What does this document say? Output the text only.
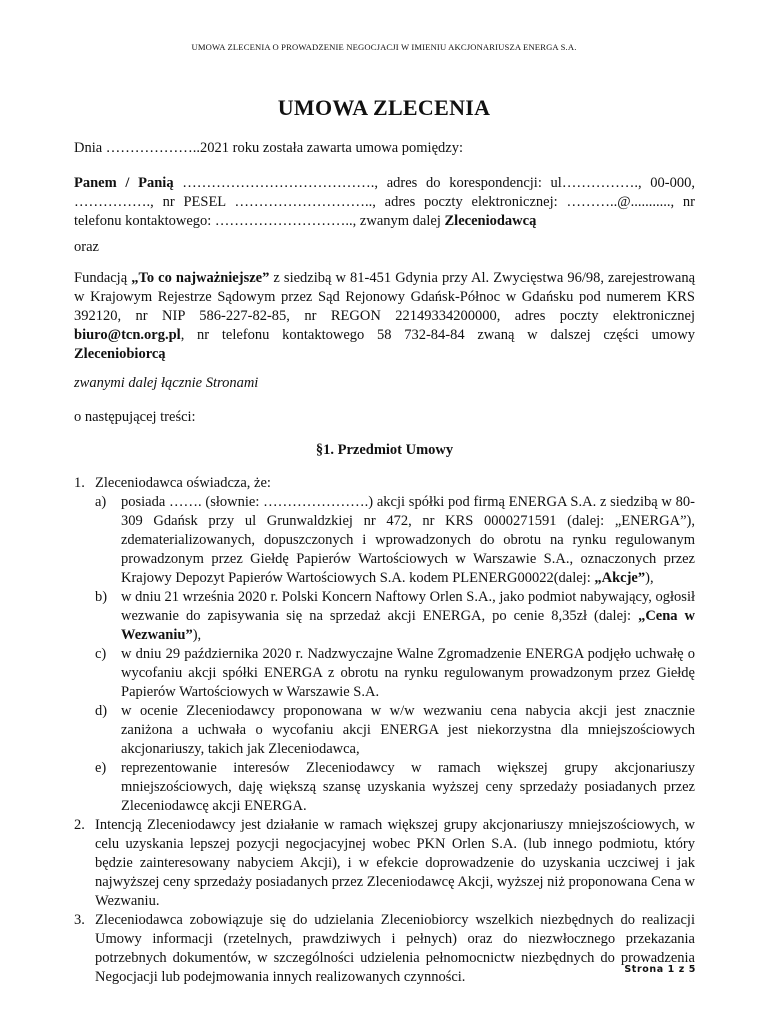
UMOWA ZLECENIA O PROWADZENIE NEGOCJACJI W IMIENIU AKCJONARIUSZA ENERGA S.A.
UMOWA ZLECENIA

Dnia ………………..2021 roku została zawarta umowa pomiędzy:

Panem / Panią …………………………………., adres do korespondencji: ul……………., 00-000, ……………., nr PESEL ……………………….., adres poczty elektronicznej: ………..@..........., nr telefonu kontaktowego: ……………………….., zwanym dalej Zleceniodawcą

oraz

Fundacją „To co najważniejsze” z siedzibą w 81-451 Gdynia przy Al. Zwycięstwa 96/98, zarejestrowaną w Krajowym Rejestrze Sądowym przez Sąd Rejonowy Gdańsk-Północ w Gdańsku pod numerem KRS 392120, nr NIP 586-227-82-85, nr REGON 22149334200000, adres poczty elektronicznej biuro@tcn.org.pl, nr telefonu kontaktowego 58 732-84-84 zwaną w dalszej części umowy Zleceniobiorcą

zwanymi dalej łącznie Stronami

o następującej treści:

§1. Przedmiot Umowy

1. Zleceniodawca oświadcza, że:
a) posiada ……. (słownie: ………………….) akcji spółki pod firmą ENERGA S.A. z siedzibą w 80-309 Gdańsk przy ul Grunwaldzkiej nr 472, nr KRS 0000271591 (dalej: „ENERGA”), zdematerializowanych, dopuszczonych i wprowadzonych do obrotu na rynku regulowanym prowadzonym przez Giełdę Papierów Wartościowych w Warszawie S.A., oznaczonych przez Krajowy Depozyt Papierów Wartościowych S.A. kodem PLENERG00022(dalej: „Akcje”),
b) w dniu 21 września 2020 r. Polski Koncern Naftowy Orlen S.A., jako podmiot nabywający, ogłosił wezwanie do zapisywania się na sprzedaż akcji ENERGA, po cenie 8,35zł (dalej: „Cena w Wezwaniu”),
c) w dniu 29 października 2020 r. Nadzwyczajne Walne Zgromadzenie ENERGA podjęło uchwałę o wycofaniu akcji spółki ENERGA z obrotu na rynku regulowanym prowadzonym przez Giełdę Papierów Wartościowych w Warszawie S.A.
d) w ocenie Zleceniodawcy proponowana w w/w wezwaniu cena nabycia akcji jest znacznie zaniżona a uchwała o wycofaniu akcji ENERGA jest niekorzystna dla mniejszościowych akcjonariuszy, takich jak Zleceniodawca,
e) reprezentowanie interesów Zleceniodawcy w ramach większej grupy akcjonariuszy mniejszościowych, daję większą szansę uzyskania wyższej ceny sprzedaży posiadanych przez Zleceniodawcę akcji ENERGA.
2. Intencją Zleceniodawcy jest działanie w ramach większej grupy akcjonariuszy mniejszościowych, w celu uzyskania lepszej pozycji negocjacyjnej wobec PKN Orlen S.A. (lub innego podmiotu, który będzie zainteresowany nabyciem Akcji), i w efekcie doprowadzenie do uzyskania uczciwej i jak najwyższej ceny sprzedaży posiadanych przez Zleceniodawcę Akcji, wyższej niż proponowana Cena w Wezwaniu.
3. Zleceniodawca zobowiązuje się do udzielania Zleceniobiorcy wszelkich niezbędnych do realizacji Umowy informacji (rzetelnych, prawdziwych i pełnych) oraz do niezwłocznego przekazania potrzebnych dokumentów, w szczególności udzielenia pełnomocnictw niezbędnych do prowadzenia Negocjacji lub podejmowania innych realizowanych czynności.	Strona 1 z 5
